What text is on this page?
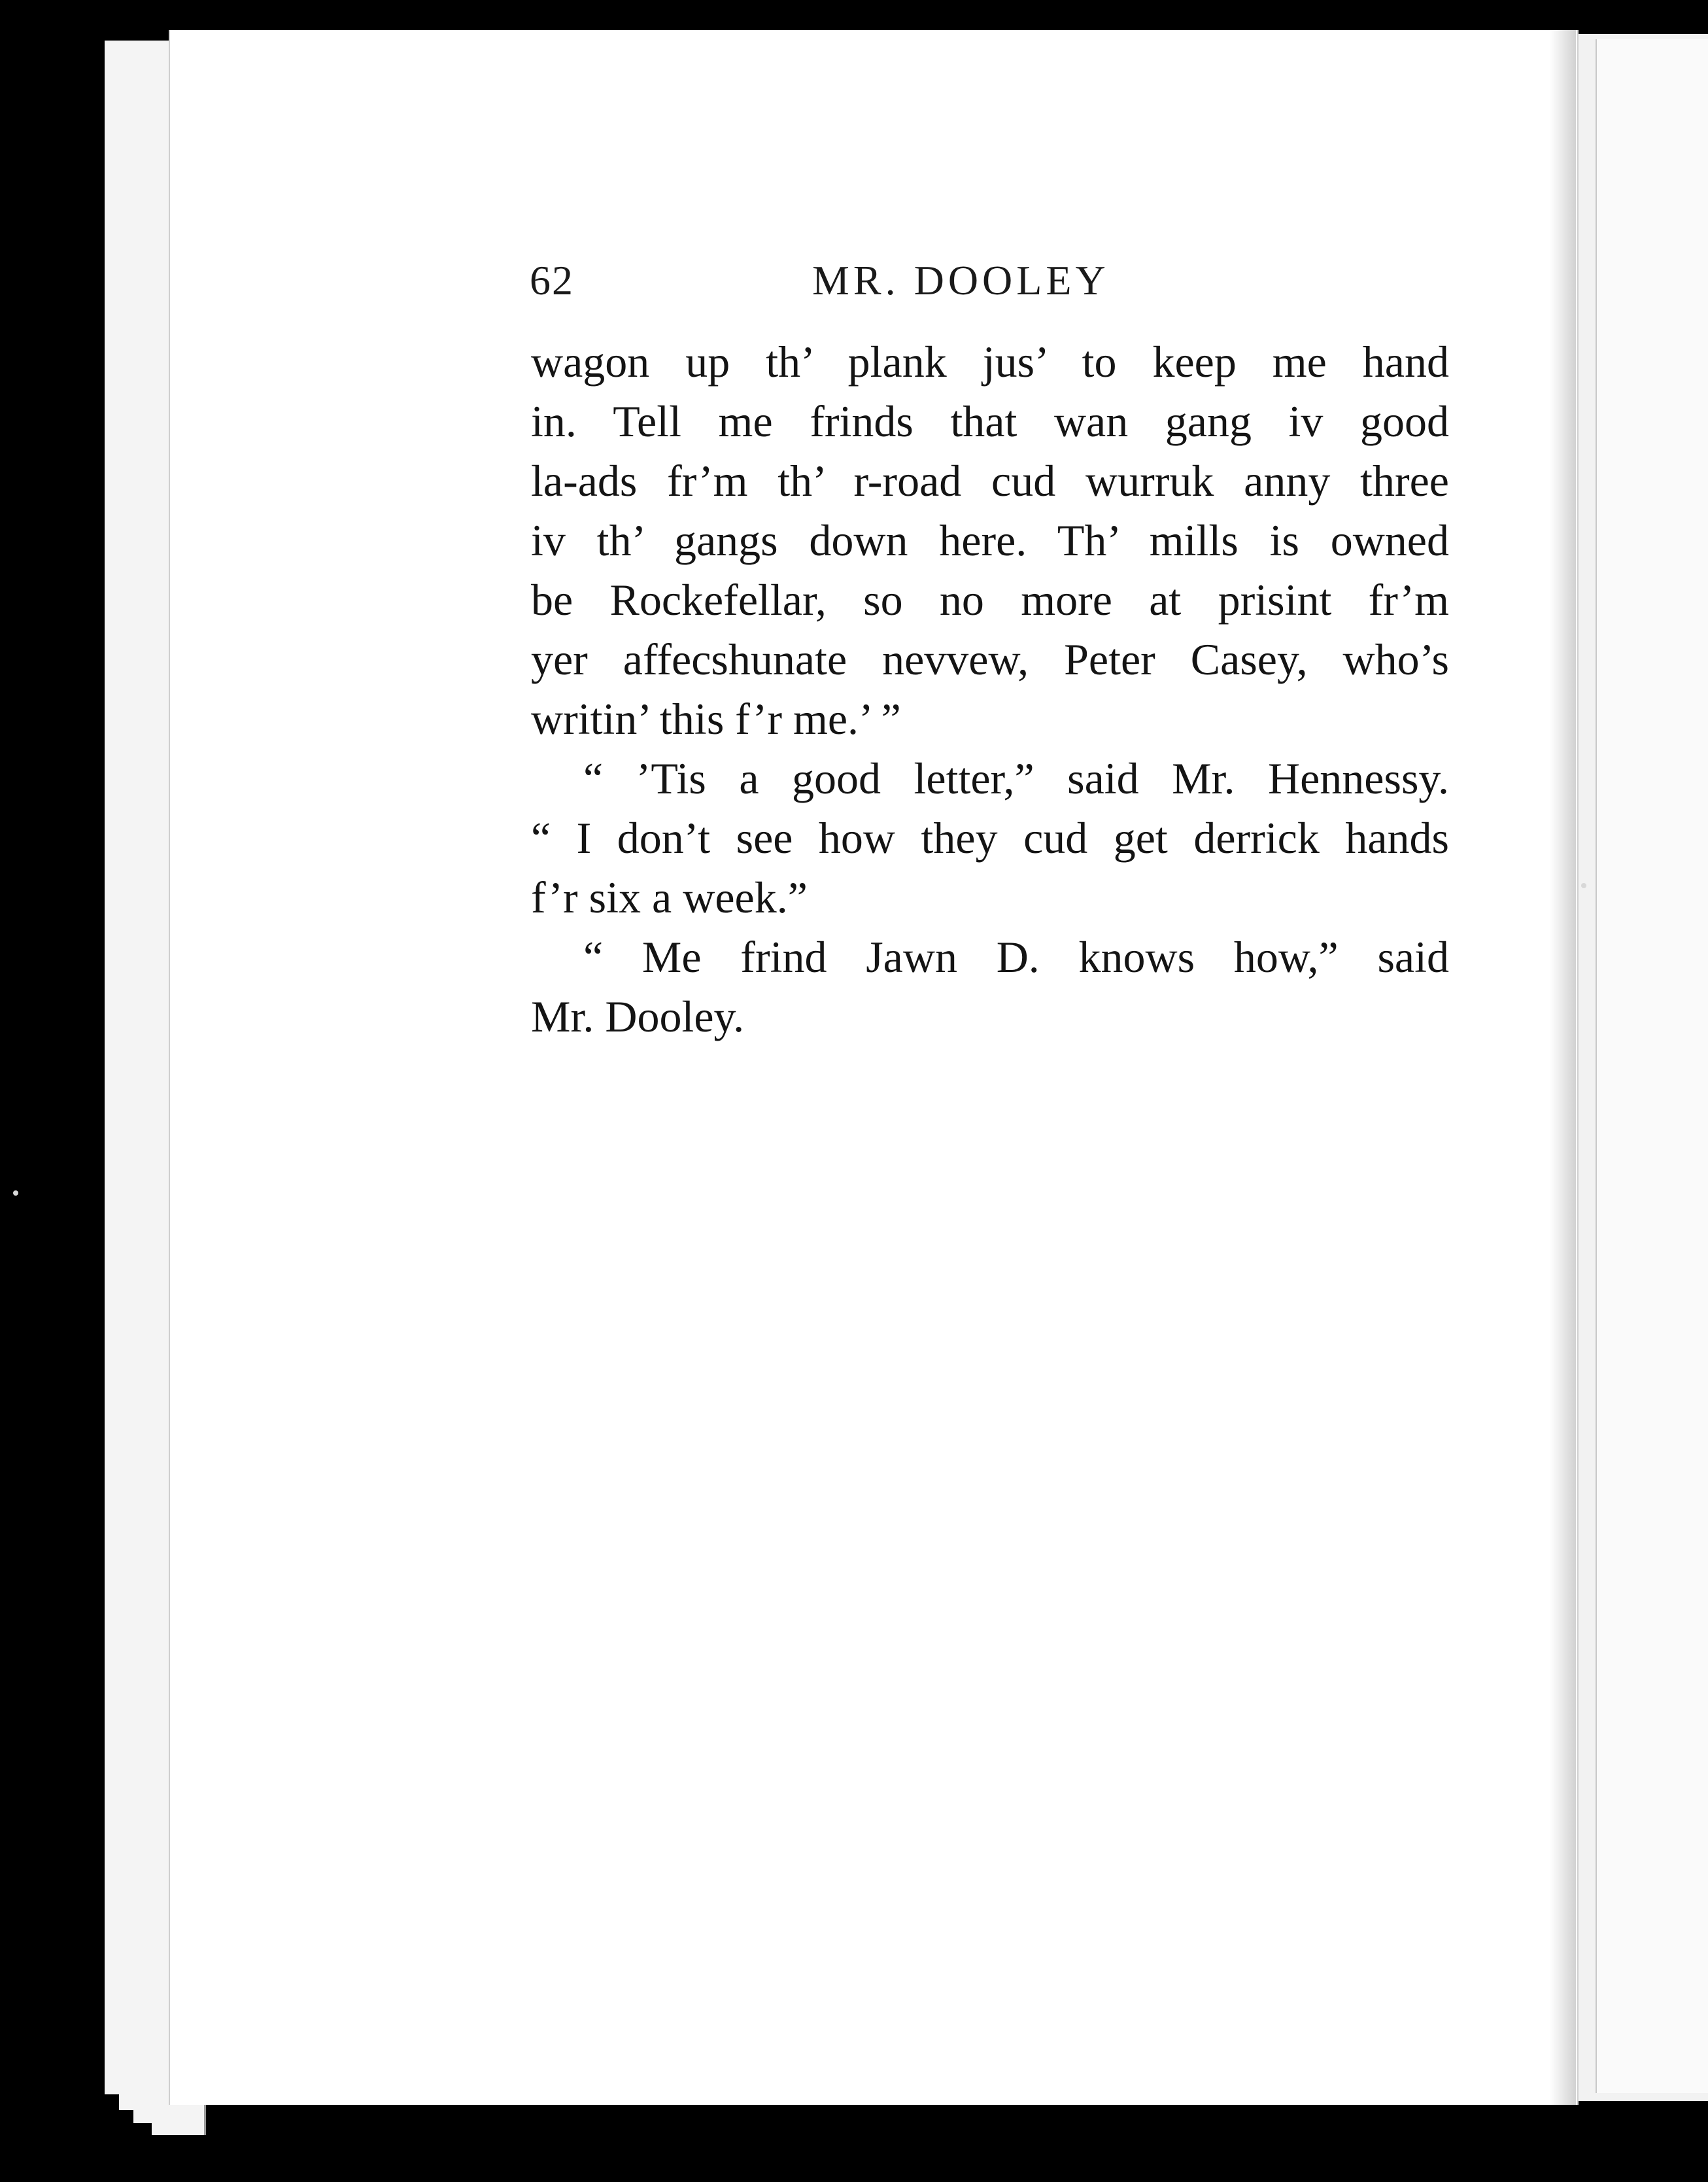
62	MR. DOOLEY
wagon up th’ plank jus’ to keep me hand
in. Tell me frinds that wan gang iv good
la-ads fr’m th’ r-road cud wurruk anny three
iv th’ gangs down here. Th’ mills is owned
be Rockefellar, so no more at prisint fr’m
yer affecshunate nevvew, Peter Casey, who’s
writin’ this f’r me.’ ”
“ ’Tis a good letter,” said Mr. Hennessy.
“ I don’t see how they cud get derrick hands
f’r six a week.”
“ Me frind Jawn D. knows how,” said
Mr. Dooley.
